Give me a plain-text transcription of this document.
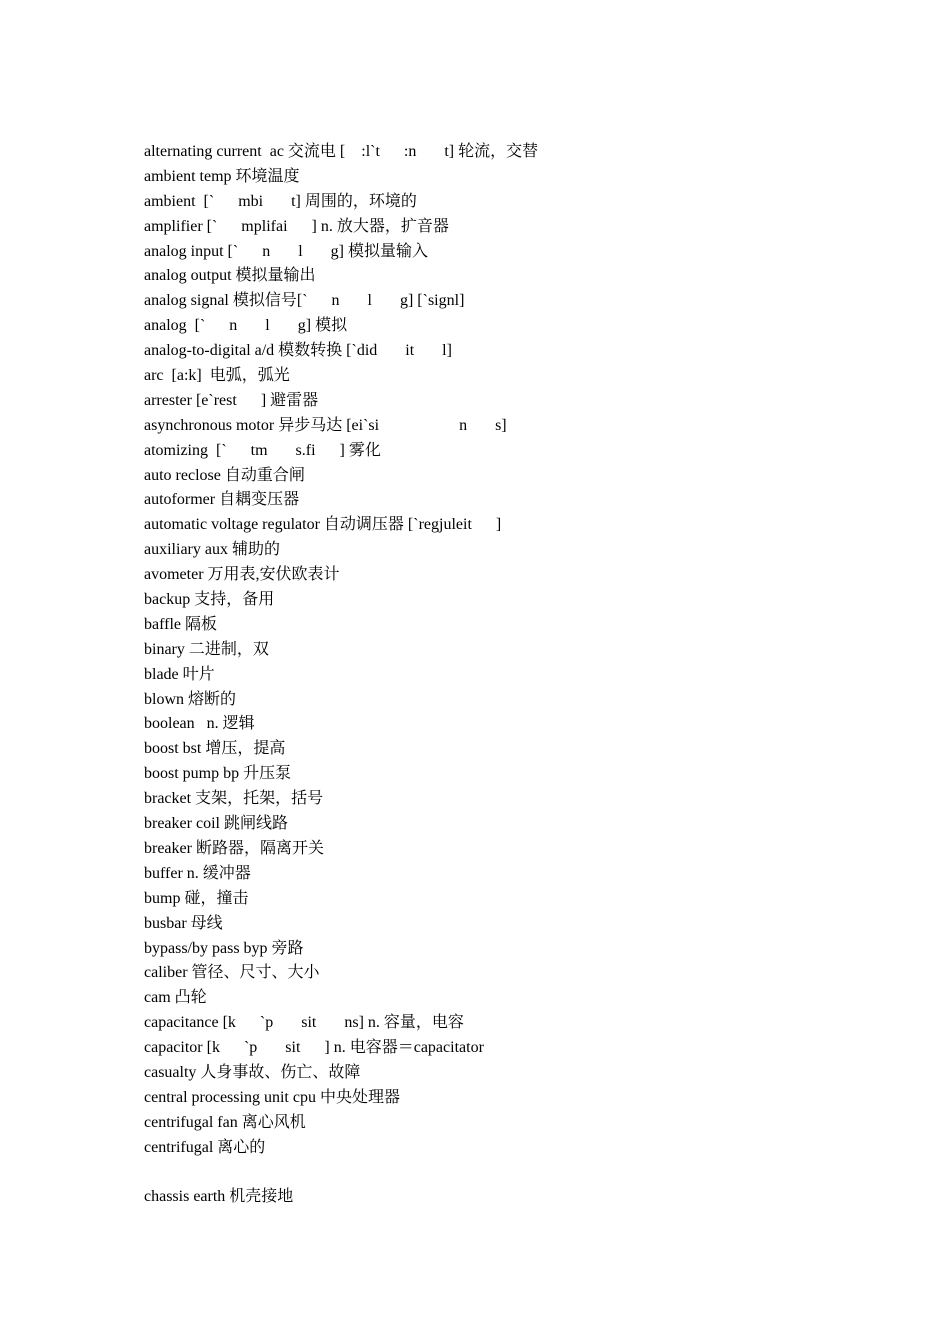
alternating current  ac 交流电 [    :l`t      :n       t] 轮流，交替
ambient temp 环境温度
ambient  [`      mbi       t] 周围的，环境的
amplifier [`      mplifai      ] n. 放大器，扩音器
analog input [`      n       l       g] 模拟量输入
analog output 模拟量输出
analog signal 模拟信号[`      n       l       g] [`signl]
analog  [`      n       l       g] 模拟
analog-to-digital a/d 模数转换 [`did       it       l]
arc  [a:k]  电弧，弧光
arrester [e`rest      ] 避雷器
asynchronous motor 异步马达 [ei`si                    n       s]
atomizing  [`      tm       s.fi      ] 雾化
auto reclose 自动重合闸
autoformer 自耦变压器
automatic voltage regulator 自动调压器 [`regjuleit      ]
auxiliary aux 辅助的
avometer 万用表,安伏欧表计
backup 支持，备用
baffle 隔板
binary 二进制，双
blade 叶片
blown 熔断的
boolean   n. 逻辑
boost bst 增压，提高
boost pump bp 升压泵
bracket 支架，托架，括号
breaker coil 跳闸线路
breaker 断路器，隔离开关
buffer n. 缓冲器
bump 碰，撞击
busbar 母线
bypass/by pass byp 旁路
caliber 管径、尺寸、大小
cam 凸轮
capacitance [k      `p       sit       ns] n. 容量，电容
capacitor [k      `p       sit      ] n. 电容器＝capacitator
casualty 人身事故、伤亡、故障
central processing unit cpu 中央处理器
centrifugal fan 离心风机
centrifugal 离心的
chassis earth 机壳接地
